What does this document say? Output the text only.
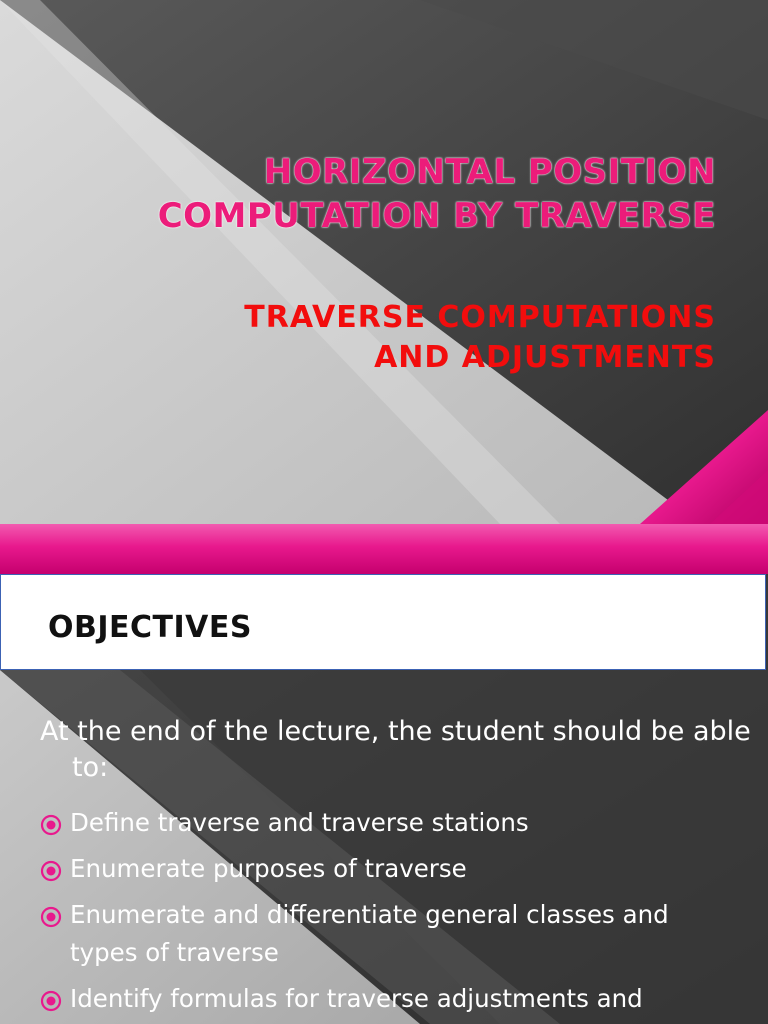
HORIZONTAL POSITION
COMPUTATION BY TRAVERSE
TRAVERSE COMPUTATIONS
AND ADJUSTMENTS
OBJECTIVES

At the end of the lecture, the student should be able to:

Define traverse and traverse stations
Enumerate purposes of traverse
Enumerate and differentiate general classes and types of traverse
Identify formulas for traverse adjustments and
